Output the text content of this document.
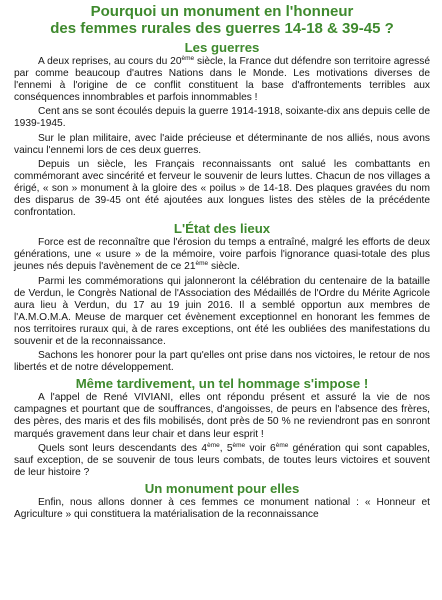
Pourquoi un monument en l'honneur
des femmes rurales des guerres 14-18 & 39-45 ?
Les guerres

A deux reprises, au cours du 20ème siècle, la France dut défendre son territoire agressé par comme beaucoup d'autres Nations dans le Monde. Les motivations diverses de l'ennemi à l'origine de ce conflit constituent la base d'affrontements terribles aux conséquences innombrables et parfois innommables !

Cent ans se sont écoulés depuis la guerre 1914-1918, soixante-dix ans depuis celle de 1939-1945.

Sur le plan militaire, avec l'aide précieuse et déterminante de nos alliés, nous avons vaincu l'ennemi lors de ces deux guerres.

Depuis un siècle, les Français reconnaissants ont salué les combattants en commémorant avec sincérité et ferveur le souvenir de leurs luttes. Chacun de nos villages a érigé, « son » monument à la gloire des « poilus » de 14-18. Des plaques gravées du nom des disparus de 39-45 ont été ajoutées aux longues listes des stèles de la précédente confrontation.

L'État des lieux

Force est de reconnaître que l'érosion du temps a entraîné, malgré les efforts de deux générations, une « usure » de la mémoire, voire parfois l'ignorance quasi-totale des plus jeunes nés depuis l'avènement de ce 21ème siècle.

Parmi les commémorations qui jalonneront la célébration du centenaire de la bataille de Verdun, le Congrès National de l'Association des Médaillés de l'Ordre du Mérite Agricole aura lieu à Verdun, du 17 au 19 juin 2016. Il a semblé opportun aux membres de l'A.M.O.M.A. Meuse de marquer cet évènement exceptionnel en honorant les femmes de nos territoires ruraux qui, à de rares exceptions, ont été les oubliées des manifestations du souvenir et de la reconnaissance.

Sachons les honorer pour la part qu'elles ont prise dans nos victoires, le retour de nos libertés et de notre développement.

Même tardivement, un tel hommage s'impose !

A l'appel de René VIVIANI, elles ont répondu présent et assuré la vie de nos campagnes et pourtant que de souffrances, d'angoisses, de peurs en l'absence des frères, des pères, des maris et des fils mobilisés, dont près de 50 % ne reviendront pas en sonront marqués gravement dans leur chair et dans leur esprit !

Quels sont leurs descendants des 4ème, 5ème voir 6ème génération qui sont capables, sauf exception, de se souvenir de tous leurs combats, de toutes leurs victoires et souvent de leur histoire ?

Un monument pour elles

Enfin, nous allons donner à ces femmes ce monument national : « Honneur et Agriculture » qui constituera la matérialisation de la reconnaissance
